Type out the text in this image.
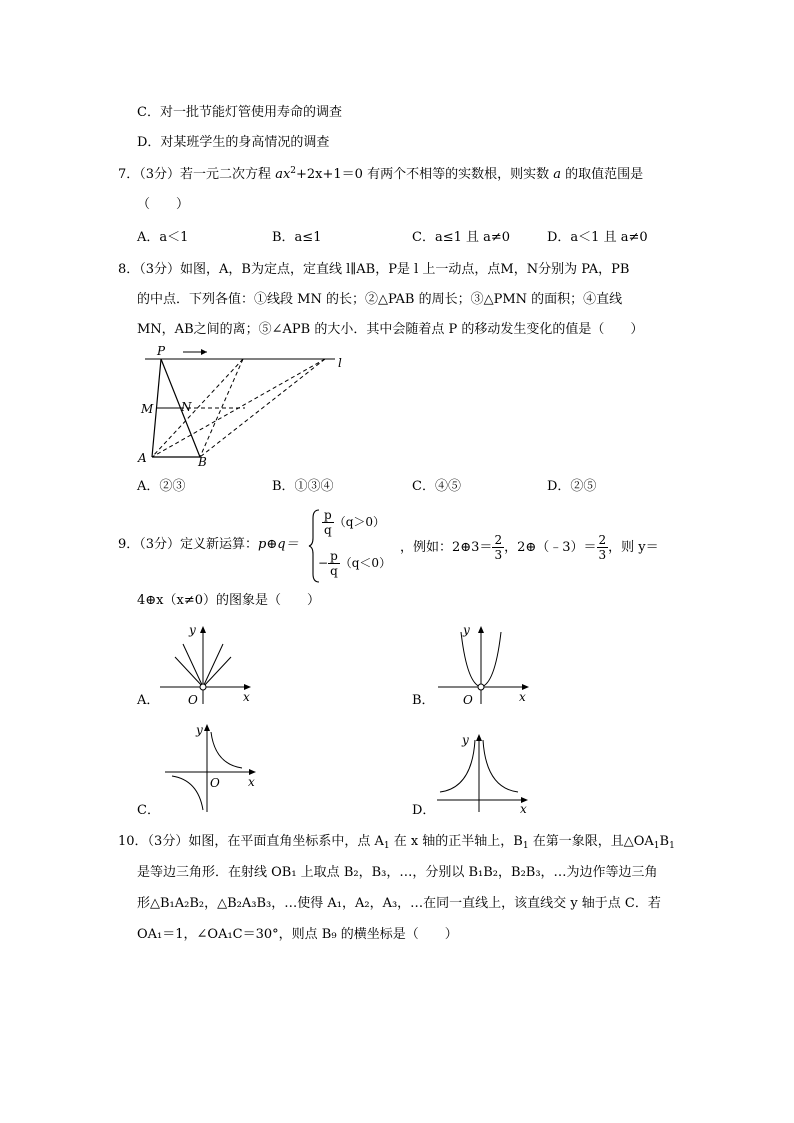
C．对一批节能灯管使用寿命的调查
D．对某班学生的身高情况的调查
7．（3分）若一元二次方程 $ax^2+2x+1=0$ 有两个不相等的实数根，则实数 a 的取值范围是
（　　）
A．a＜1	B．a≤1	C．a≤1 且 a≠0	D．a＜1 且 a≠0
8．（3分）如图，A，B为定点，定直线 l∥AB，P是 l 上一动点，点M，N分别为 PA，PB
的中点．下列各值：①线段 MN 的长；②△PAB 的周长；③△PMN 的面积；④直线
MN，AB之间的离；⑤∠APB 的大小．其中会随着点 P 的移动发生变化的值是（　　）
P
M N
A	B
l
A．②③	B．①③④	C．④⑤	D．②⑤
9．（3分）定义新运算：p⊕q＝
$\frac{p}{q} (q>0)$
− $\frac{p}{q} (q<0)$
，例如：2⊕3＝ $\frac{2}{3}$ ，2⊕（﹣3）＝ $\frac{2}{3}$ ，则 y＝
4⊕x（x≠0）的图象是（　　）
A．
y
x
O	B．
y
x
O
C．
y
x
O
D．
y
x
10．（3分）如图，在平面直角坐标系中，点 $A_1$ 在 x 轴的正半轴上，$B_1$ 在第一象限，且$\triangle OA_1B_1$
是等边三角形．在射线 OB₁ 上取点 B₂，B₃，…，分别以 B₁B₂，B₂B₃，…为边作等边三角
形△B₁A₂B₂，△B₂A₃B₃，…使得 A₁，A₂，A₃，…在同一直线上，该直线交 y 轴于点 C．若
OA₁＝1，∠OA₁C＝30°，则点 B₉ 的横坐标是（　　）
